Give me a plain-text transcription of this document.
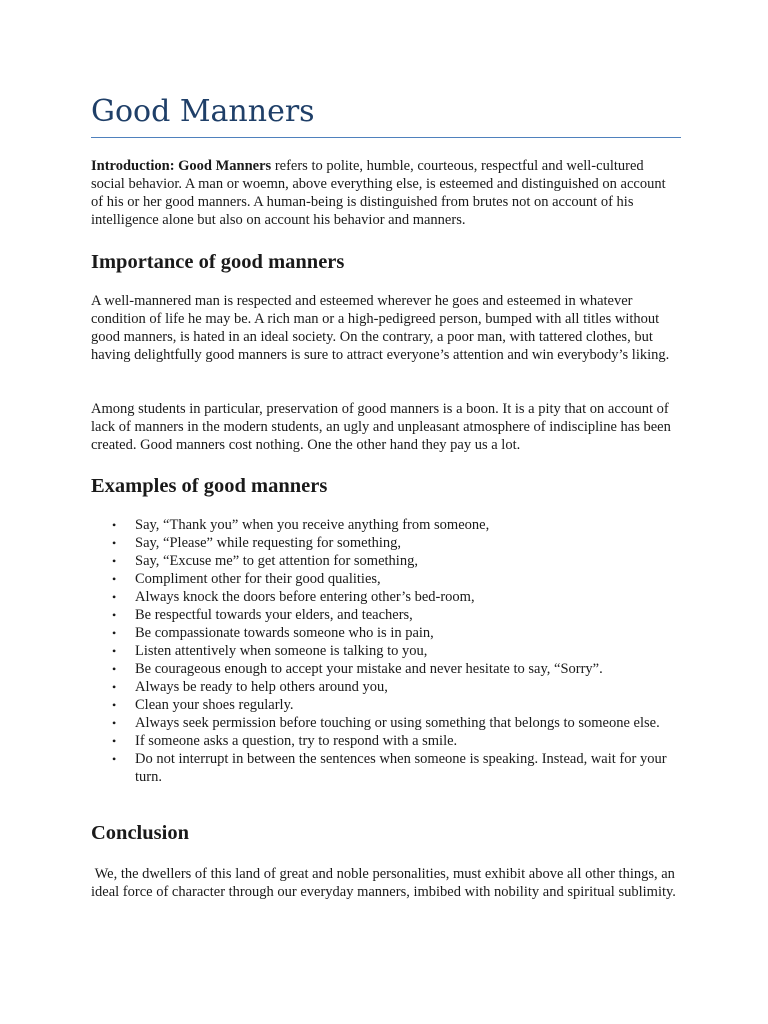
Good Manners

Introduction: Good Manners refers to polite, humble, courteous, respectful and well-cultured social behavior. A man or woemn, above everything else, is esteemed and distinguished on account of his or her good manners. A human-being is distinguished from brutes not on account of his intelligence alone but also on account his behavior and manners.

Importance of good manners

A well-mannered man is respected and esteemed wherever he goes and esteemed in whatever condition of life he may be. A rich man or a high-pedigreed person, bumped with all titles without good manners, is hated in an ideal society. On the contrary, a poor man, with tattered clothes, but having delightfully good manners is sure to attract everyone’s attention and win everybody’s liking.

Among students in particular, preservation of good manners is a boon. It is a pity that on account of lack of manners in the modern students, an ugly and unpleasant atmosphere of indiscipline has been created. Good manners cost nothing. One the other hand they pay us a lot.

Examples of good manners
• Say, “Thank you” when you receive anything from someone,
• Say, “Please” while requesting for something,
• Say, “Excuse me” to get attention for something,
• Compliment other for their good qualities,
• Always knock the doors before entering other’s bed-room,
• Be respectful towards your elders, and teachers,
• Be compassionate towards someone who is in pain,
• Listen attentively when someone is talking to you,
• Be courageous enough to accept your mistake and never hesitate to say, “Sorry”.
• Always be ready to help others around you,
• Clean your shoes regularly.
• Always seek permission before touching or using something that belongs to someone else.
• If someone asks a question, try to respond with a smile.
• Do not interrupt in between the sentences when someone is speaking. Instead, wait for your turn.
Conclusion

We, the dwellers of this land of great and noble personalities, must exhibit above all other things, an ideal force of character through our everyday manners, imbibed with nobility and spiritual sublimity.
